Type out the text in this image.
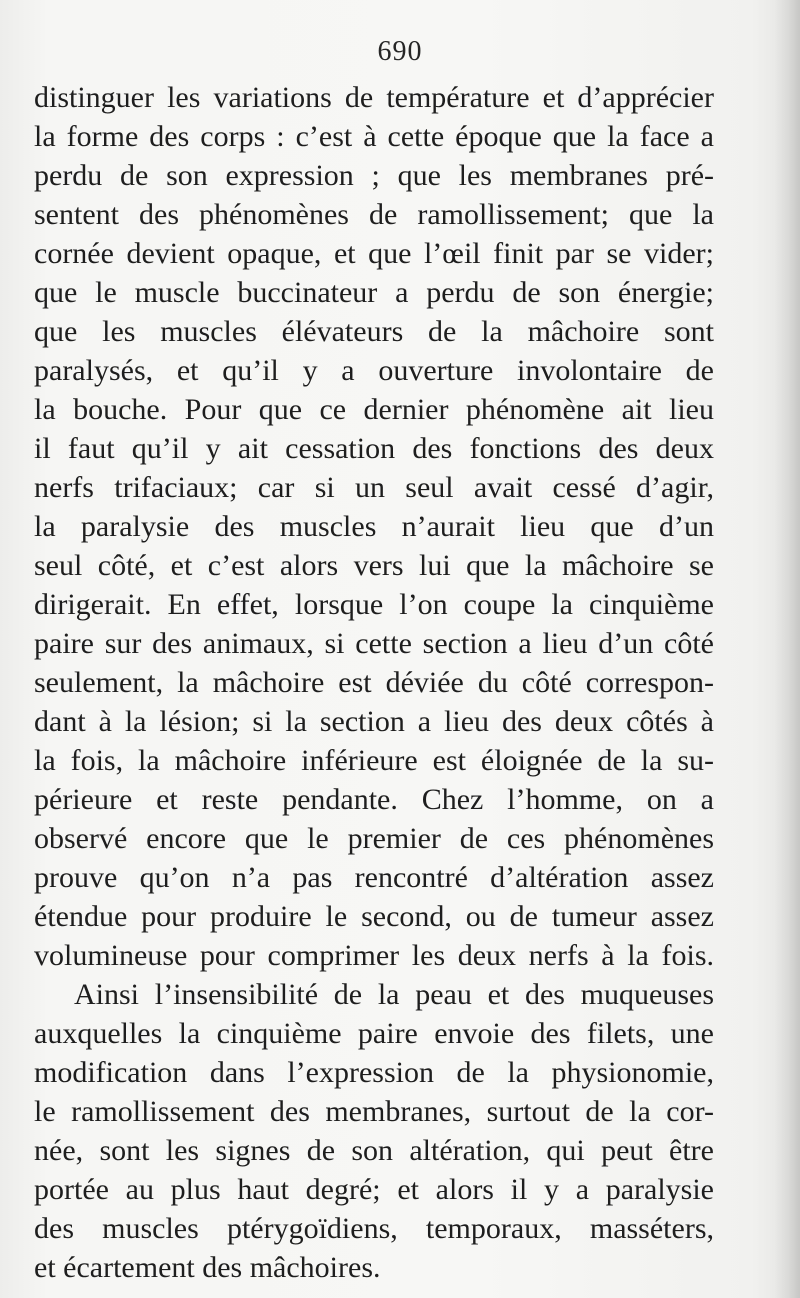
690
distinguer les variations de température et d’apprécier
la forme des corps : c’est à cette époque que la face a
perdu de son expression ; que les membranes pré-
sentent des phénomènes de ramollissement; que la
cornée devient opaque, et que l’œil finit par se vider;
que le muscle buccinateur a perdu de son énergie;
que les muscles élévateurs de la mâchoire sont
paralysés, et qu’il y a ouverture involontaire de
la bouche. Pour que ce dernier phénomène ait lieu
il faut qu’il y ait cessation des fonctions des deux
nerfs trifaciaux; car si un seul avait cessé d’agir,
la paralysie des muscles n’aurait lieu que d’un
seul côté, et c’est alors vers lui que la mâchoire se
dirigerait. En effet, lorsque l’on coupe la cinquième
paire sur des animaux, si cette section a lieu d’un côté
seulement, la mâchoire est déviée du côté correspon-
dant à la lésion; si la section a lieu des deux côtés à
la fois, la mâchoire inférieure est éloignée de la su-
périeure et reste pendante. Chez l’homme, on a
observé encore que le premier de ces phénomènes
prouve qu’on n’a pas rencontré d’altération assez
étendue pour produire le second, ou de tumeur assez
volumineuse pour comprimer les deux nerfs à la fois.
Ainsi l’insensibilité de la peau et des muqueuses
auxquelles la cinquième paire envoie des filets, une
modification dans l’expression de la physionomie,
le ramollissement des membranes, surtout de la cor-
née, sont les signes de son altération, qui peut être
portée au plus haut degré; et alors il y a paralysie
des muscles ptérygoïdiens, temporaux, masséters,
et écartement des mâchoires.
